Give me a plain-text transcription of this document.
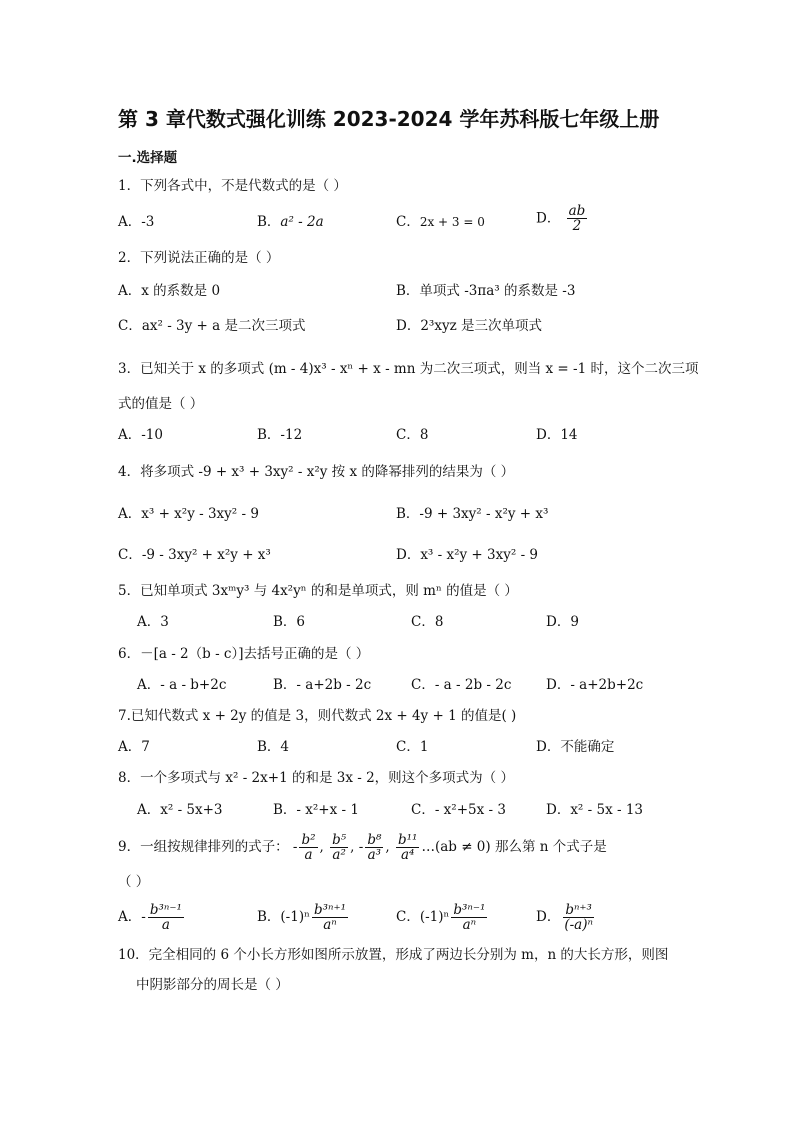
第 3 章代数式强化训练 2023-2024 学年苏科版七年级上册
一.选择题
1．下列各式中，不是代数式的是（ ）
A．-3	B．a² - 2a	C．2x + 3 = 0	D． $\frac{ab}{2}$
2．下列说法正确的是（ ）
A．x 的系数是 0	B．单项式 -3πa³ 的系数是 -3
C．ax² - 3y + a 是二次三项式	D．2³xyz 是三次单项式
3．已知关于 x 的多项式 (m - 4)x³ - xⁿ + x - mn 为二次三项式，则当 x = -1 时，这个二次三项
式的值是（ ）
A．-10	B．-12	C．8	D．14
4．将多项式 -9 + x³ + 3xy² - x²y 按 x 的降幂排列的结果为（ ）
A．x³ + x²y - 3xy² - 9	B．-9 + 3xy² - x²y + x³
C．-9 - 3xy² + x²y + x³	D．x³ - x²y + 3xy² - 9
5．已知单项式 3xᵐy³ 与 4x²yⁿ 的和是单项式，则 mⁿ 的值是（ ）
A．3	B．6	C．8	D．9
6．－[a - 2（b - c）]去括号正确的是（ ）
A．- a - b+2c	B．- a+2b - 2c	C．- a - 2b - 2c	D．- a+2b+2c
7.已知代数式 x + 2y 的值是 3，则代数式 2x + 4y + 1 的值是( )
A．7	B．4	C．1	D．不能确定
8．一个多项式与 x² - 2x+1 的和是 3x - 2，则这个多项式为（ ）
A．x² - 5x+3	B．- x²+x - 1	C．- x²+5x - 3	D．x² - 5x - 13
9．一组按规律排列的式子： - $\frac{\text{b²}}{a}$ , $\frac{\text{b⁵}}{\text{a²}}$ , - $\frac{\text{b⁸}}{\text{a³}}$ , $\frac{\text{b¹¹}}{\text{a⁴}}$ …(ab ≠ 0) 那么第 n 个式子是
（ ）
A．- $\frac{\text{b³ⁿ⁻¹}}{a}$	B．$(-1)^n \frac{\text{b³ⁿ⁺¹}}{\text{aⁿ}}$	C．$(-1)^n \frac{\text{b³ⁿ⁻¹}}{\text{aⁿ}}$	D． $\frac{\text{bⁿ⁺³}}{\text{(-a)ⁿ}}$
10．完全相同的 6 个小长方形如图所示放置，形成了两边长分别为 m，n 的大长方形，则图
中阴影部分的周长是（ ）
